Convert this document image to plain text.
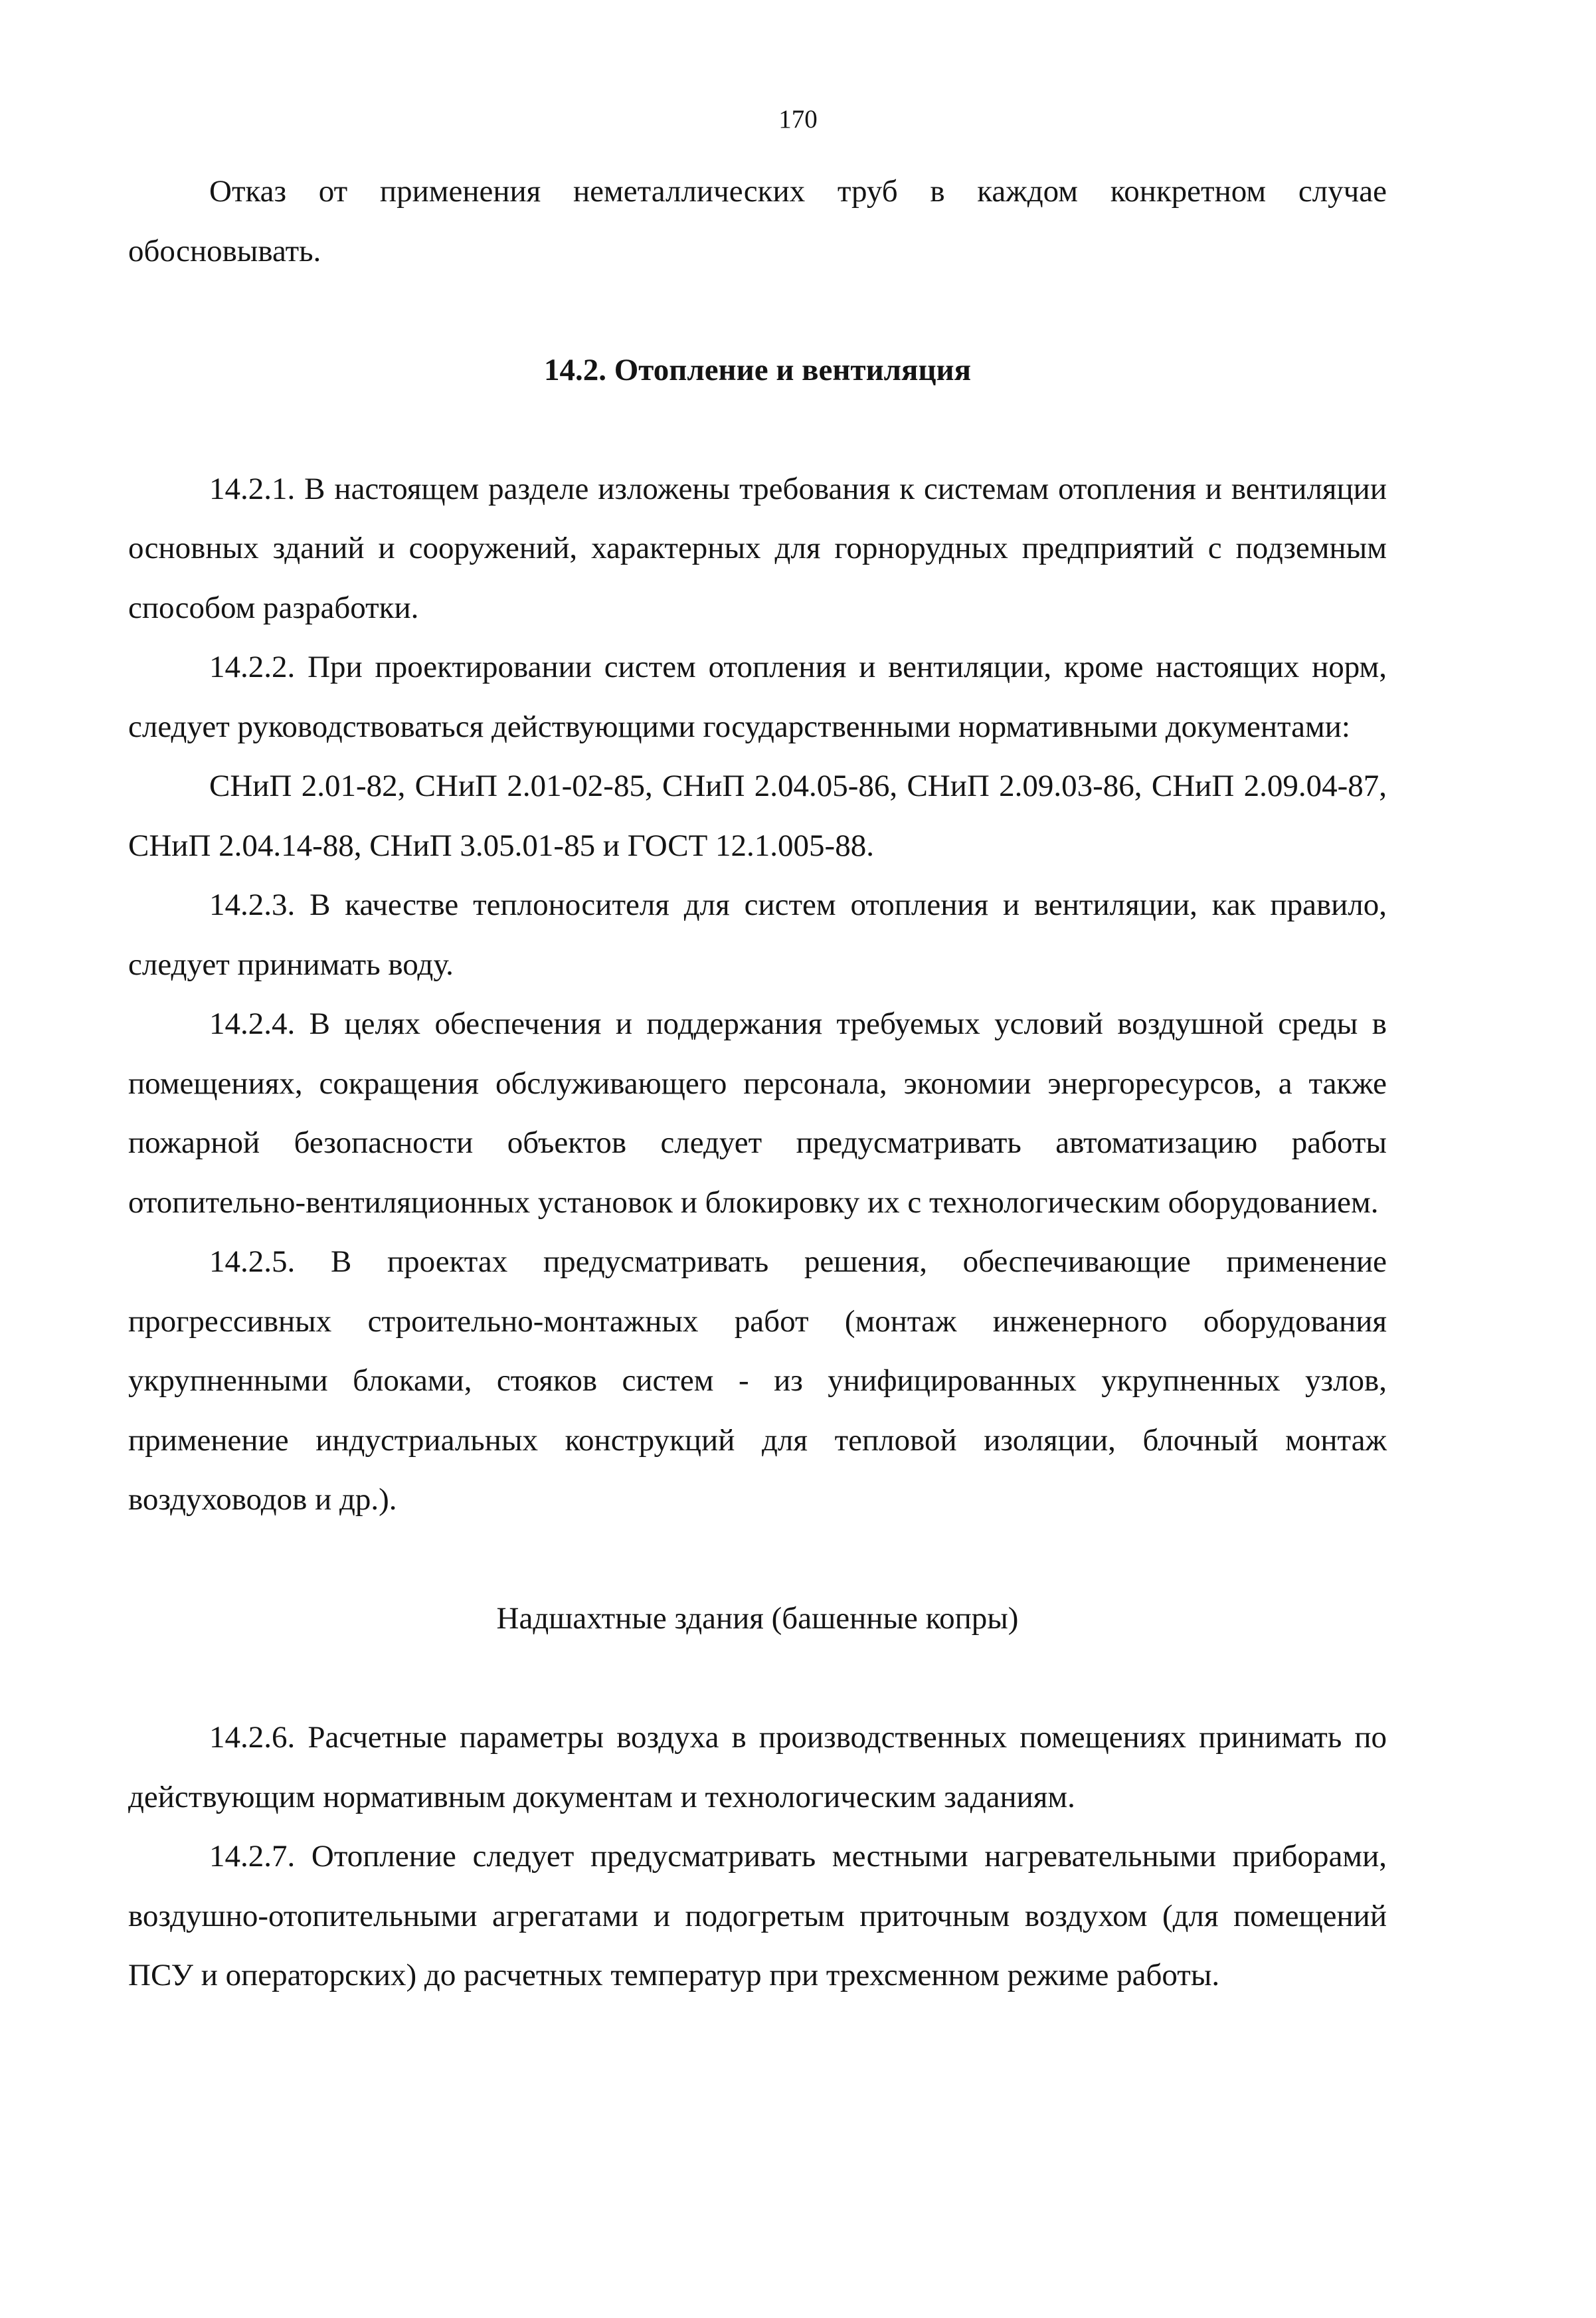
170

Отказ от применения неметаллических труб в каждом конкретном случае обосновывать.

14.2. Отопление и вентиляция

14.2.1. В настоящем разделе изложены требования к системам отопления и вентиляции основных зданий и сооружений, характерных для горнорудных предприятий с подземным способом разработки.

14.2.2. При проектировании систем отопления и вентиляции, кроме настоящих норм, следует руководствоваться действующими государственными нормативными документами:

СНиП 2.01-82, СНиП 2.01-02-85, СНиП 2.04.05-86, СНиП 2.09.03-86, СНиП 2.09.04-87, СНиП 2.04.14-88, СНиП 3.05.01-85 и ГОСТ 12.1.005-88.

14.2.3. В качестве теплоносителя для систем отопления и вентиляции, как правило, следует принимать воду.

14.2.4. В целях обеспечения и поддержания требуемых условий воздушной среды в помещениях, сокращения обслуживающего персонала, экономии энергоресурсов, а также пожарной безопасности объектов следует предусматривать автоматизацию работы отопительно-вентиляционных установок и блокировку их с технологическим оборудованием.

14.2.5. В проектах предусматривать решения, обеспечивающие применение прогрессивных строительно-монтажных работ (монтаж инженерного оборудования укрупненными блоками, стояков систем - из унифицированных укрупненных узлов, применение индустриальных конструкций для тепловой изоляции, блочный монтаж воздуховодов и др.).

Надшахтные здания (башенные копры)

14.2.6. Расчетные параметры воздуха в производственных помещениях принимать по действующим нормативным документам и технологическим заданиям.

14.2.7. Отопление следует предусматривать местными нагревательными приборами, воздушно-отопительными агрегатами и подогретым приточным воздухом (для помещений ПСУ и операторских) до расчетных температур при трехсменном режиме работы.
